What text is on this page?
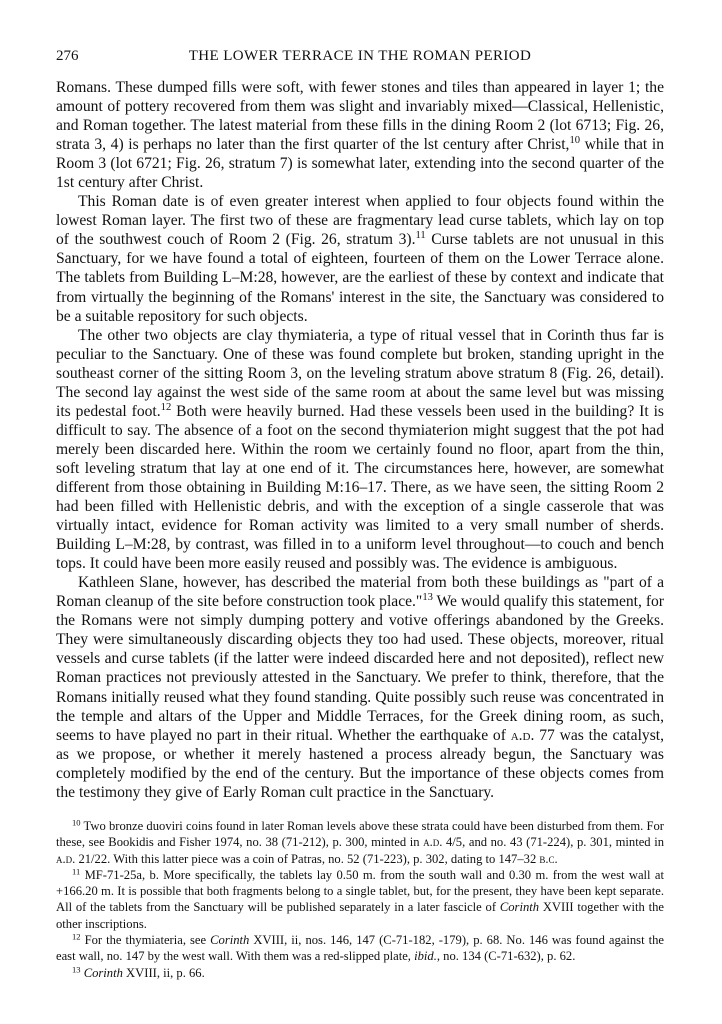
276	THE LOWER TERRACE IN THE ROMAN PERIOD

Romans. These dumped fills were soft, with fewer stones and tiles than appeared in layer 1; the amount of pottery recovered from them was slight and invariably mixed—Classical, Hellenistic, and Roman together. The latest material from these fills in the dining Room 2 (lot 6713; Fig. 26, strata 3, 4) is perhaps no later than the first quarter of the lst century after Christ,$^{10}$ while that in Room 3 (lot 6721; Fig. 26, stratum 7) is somewhat later, extending into the second quarter of the 1st century after Christ.

This Roman date is of even greater interest when applied to four objects found within the lowest Roman layer. The first two of these are fragmentary lead curse tablets, which lay on top of the southwest couch of Room 2 (Fig. 26, stratum 3).$^{11}$ Curse tablets are not unusual in this Sanctuary, for we have found a total of eighteen, fourteen of them on the Lower Terrace alone. The tablets from Building L–M:28, however, are the earliest of these by context and indicate that from virtually the beginning of the Romans' interest in the site, the Sanctuary was considered to be a suitable repository for such objects.

The other two objects are clay thymiateria, a type of ritual vessel that in Corinth thus far is peculiar to the Sanctuary. One of these was found complete but broken, standing upright in the southeast corner of the sitting Room 3, on the leveling stratum above stratum 8 (Fig. 26, detail). The second lay against the west side of the same room at about the same level but was missing its pedestal foot.$^{12}$ Both were heavily burned. Had these vessels been used in the building? It is difficult to say. The absence of a foot on the second thymiaterion might suggest that the pot had merely been discarded here. Within the room we certainly found no floor, apart from the thin, soft leveling stratum that lay at one end of it. The circumstances here, however, are somewhat different from those obtaining in Building M:16–17. There, as we have seen, the sitting Room 2 had been filled with Hellenistic debris, and with the exception of a single casserole that was virtually intact, evidence for Roman activity was limited to a very small number of sherds. Building L–M:28, by contrast, was filled in to a uniform level throughout—to couch and bench tops. It could have been more easily reused and possibly was. The evidence is ambiguous.

Kathleen Slane, however, has described the material from both these buildings as "part of a Roman cleanup of the site before construction took place."$^{13}$ We would qualify this statement, for the Romans were not simply dumping pottery and votive offerings abandoned by the Greeks. They were simultaneously discarding objects they too had used. These objects, moreover, ritual vessels and curse tablets (if the latter were indeed discarded here and not deposited), reflect new Roman practices not previously attested in the Sanctuary. We prefer to think, therefore, that the Romans initially reused what they found standing. Quite possibly such reuse was concentrated in the temple and altars of the Upper and Middle Terraces, for the Greek dining room, as such, seems to have played no part in their ritual. Whether the earthquake of a.d. 77 was the catalyst, as we propose, or whether it merely hastened a process already begun, the Sanctuary was completely modified by the end of the century. But the importance of these objects comes from the testimony they give of Early Roman cult practice in the Sanctuary.

$^{10}$ Two bronze duoviri coins found in later Roman levels above these strata could have been disturbed from them. For these, see Bookidis and Fisher 1974, no. 38 (71-212), p. 300, minted in a.d. 4/5, and no. 43 (71-224), p. 301, minted in a.d. 21/22. With this latter piece was a coin of Patras, no. 52 (71-223), p. 302, dating to 147–32 b.c.

$^{11}$ MF-71-25a, b. More specifically, the tablets lay 0.50 m. from the south wall and 0.30 m. from the west wall at +166.20 m. It is possible that both fragments belong to a single tablet, but, for the present, they have been kept separate. All of the tablets from the Sanctuary will be published separately in a later fascicle of Corinth XVIII together with the other inscriptions.

$^{12}$ For the thymiateria, see Corinth XVIII, ii, nos. 146, 147 (C-71-182, -179), p. 68. No. 146 was found against the east wall, no. 147 by the west wall. With them was a red-slipped plate, ibid., no. 134 (C-71-632), p. 62.

$^{13}$ Corinth XVIII, ii, p. 66.
